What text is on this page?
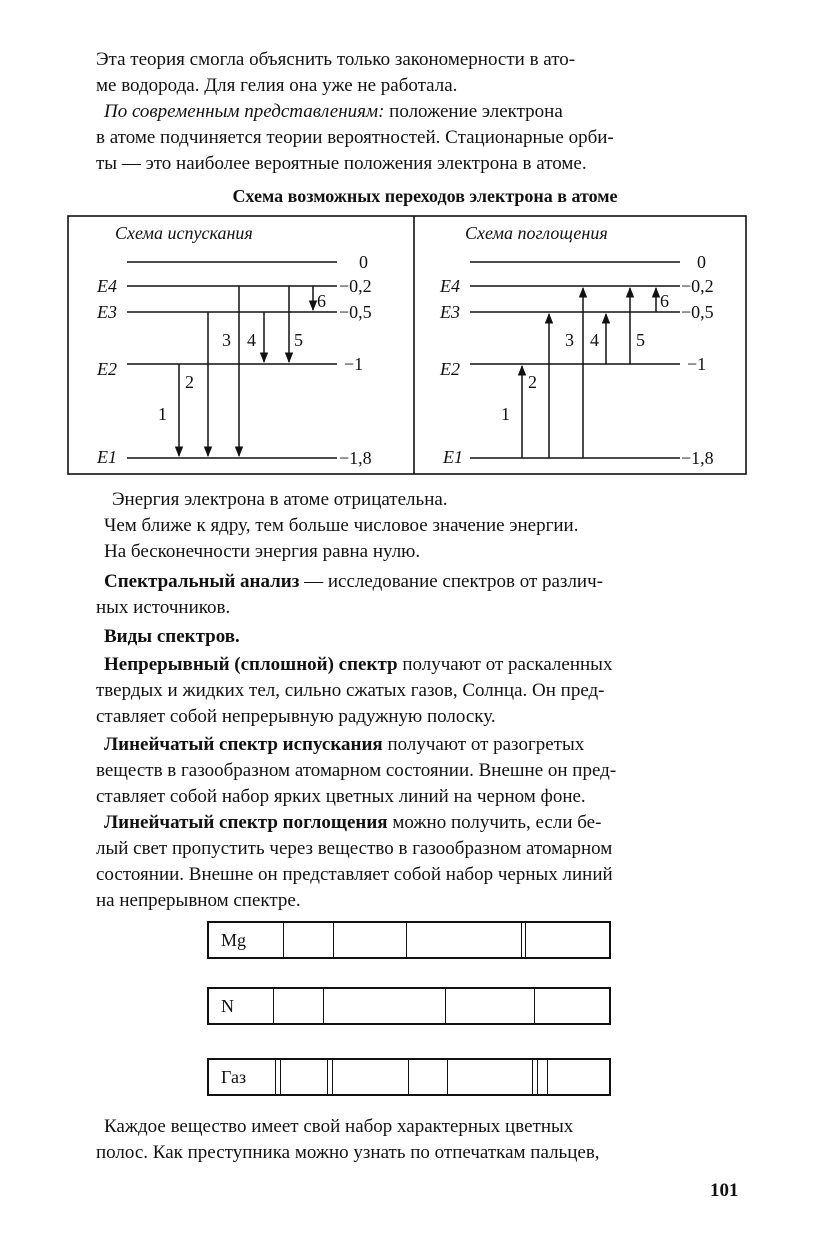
Эта теория смогла объяснить только закономерности в ато-
ме водорода. Для гелия она уже не работала.

По современным представлениям: положение электрона
в атоме подчиняется теории вероятностей. Стационарные орби-
ты — это наиболее вероятные положения электрона в атоме.

Схема возможных переходов электрона в атоме

Схема испускания
0
−0,2
−0,5
−1
−1,8
E4
E3
E2
E1
1
2
3 4 5
6
Схема поглощения
0
−0,2
−0,5
−1
−1,8
E4
E3
E2
E1
1
2
3 4 5
6

Энергия электрона в атоме отрицательна.
Чем ближе к ядру, тем больше числовое значение энергии.
На бесконечности энергия равна нулю.

Спектральный анализ — исследование спектров от различ-
ных источников.

Виды спектров.

Непрерывный (сплошной) спектр получают от раскаленных
твердых и жидких тел, сильно сжатых газов, Солнца. Он пред-
ставляет собой непрерывную радужную полоску.

Линейчатый спектр испускания получают от разогретых
веществ в газообразном атомарном состоянии. Внешне он пред-
ставляет собой набор ярких цветных линий на черном фоне.

Линейчатый спектр поглощения можно получить, если бе-
лый свет пропустить через вещество в газообразном атомарном
состоянии. Внешне он представляет собой набор черных линий
на непрерывном спектре.

Mg
N
Газ

Каждое вещество имеет свой набор характерных цветных
полос. Как преступника можно узнать по отпечаткам пальцев,

101
